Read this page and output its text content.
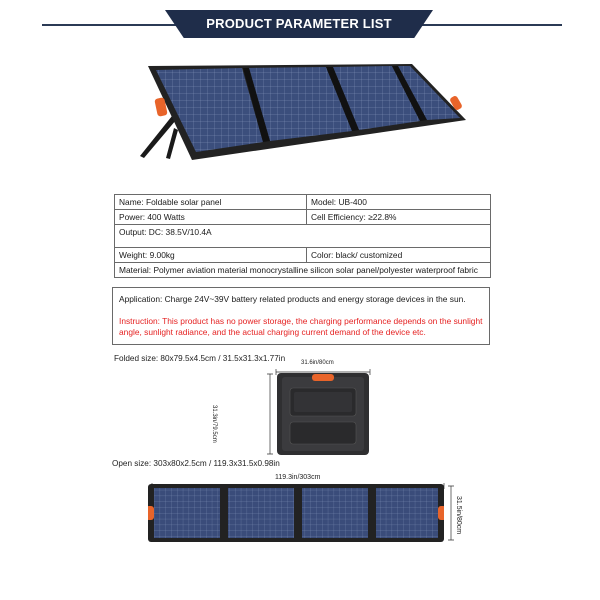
PRODUCT PARAMETER LIST
Name: Foldable solar panel	Model: UB-400
Power: 400 Watts	Cell Efficiency: ≥22.8%
Output: DC: 38.5V/10.4A	
Weight: 9.00kg	Color: black/ customized
Material: Polymer aviation material monocrystalline silicon solar panel/polyester waterproof fabric	
Application: Charge 24V~39V battery related products and energy storage devices in the sun.
Instruction: This product has no power storage, the charging performance depends on the sunlight angle, sunlight radiance, and the actual charging current demand of the device etc.
Folded size: 80x79.5x4.5cm / 31.5x31.3x1.77in	31.6in/80cm
31.3in/79.5cm
Open size: 303x80x2.5cm / 119.3x31.5x0.98in
119.3in/303cm
31.5in/80cm
